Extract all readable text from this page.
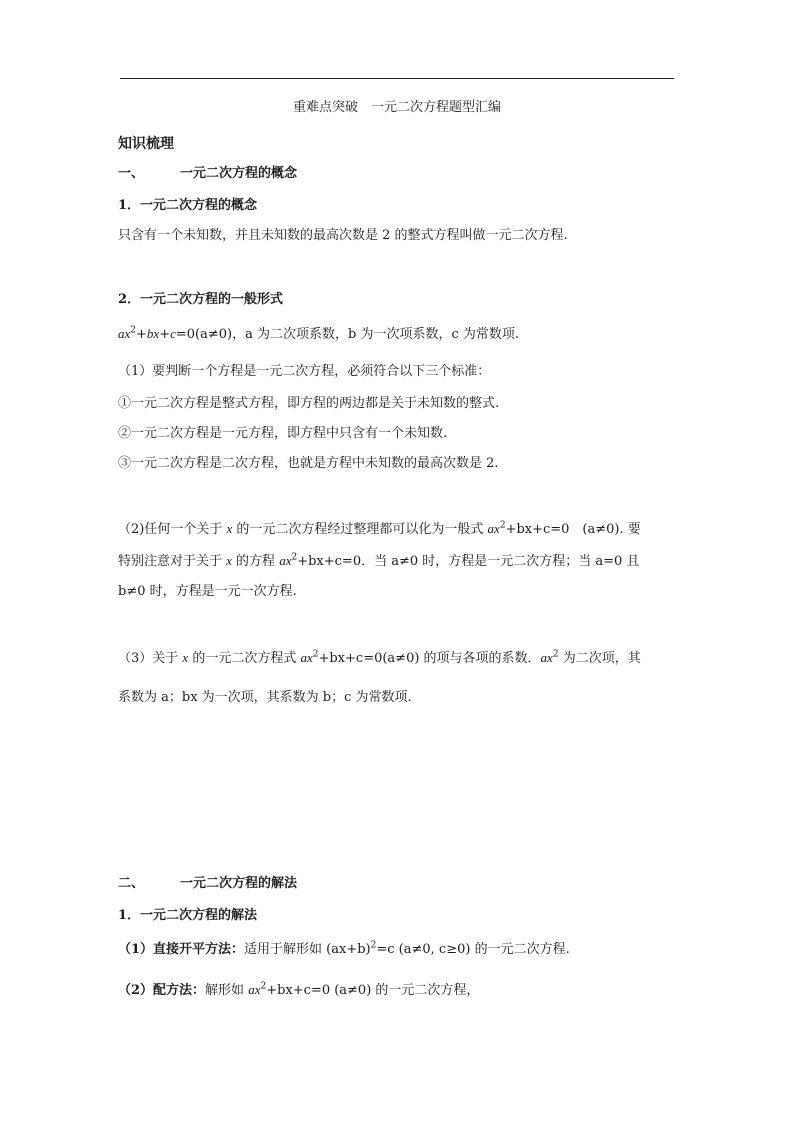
重难点突破　一元二次方程题型汇编
知识梳理
一、	一元二次方程的概念
1．一元二次方程的概念
只含有一个未知数，并且未知数的最高次数是 2 的整式方程叫做一元二次方程.
2．一元二次方程的一般形式
$ax^2+bx+c=0(a\ne 0)$，a 为二次项系数，b 为一次项系数，c 为常数项.
（1）要判断一个方程是一元二次方程，必须符合以下三个标准：
①一元二次方程是整式方程，即方程的两边都是关于未知数的整式.
②一元二次方程是一元方程，即方程中只含有一个未知数.
③一元二次方程是二次方程，也就是方程中未知数的最高次数是 2.
（2)任何一个关于 x 的一元二次方程经过整理都可以化为一般式 $ax^2+bx+c=0$　(a≠0). 要
特别注意对于关于 x 的方程 $ax^2+bx+c=0$．当 a≠0 时，方程是一元二次方程；当 a=0 且
b≠0 时，方程是一元一次方程.
（3）关于 x 的一元二次方程式 $ax^2+bx+c=0(a\ne 0)$ 的项与各项的系数．$ax^2$ 为二次项，其
系数为 a；bx 为一次项，其系数为 b；c 为常数项.
二、	一元二次方程的解法
1．一元二次方程的解法
（1）直接开平方法：适用于解形如 $(ax+b)^2=c$ (a≠0, c≥0) 的一元二次方程.
（2）配方法：解形如 $ax^2+bx+c=0$ (a≠0) 的一元二次方程，
